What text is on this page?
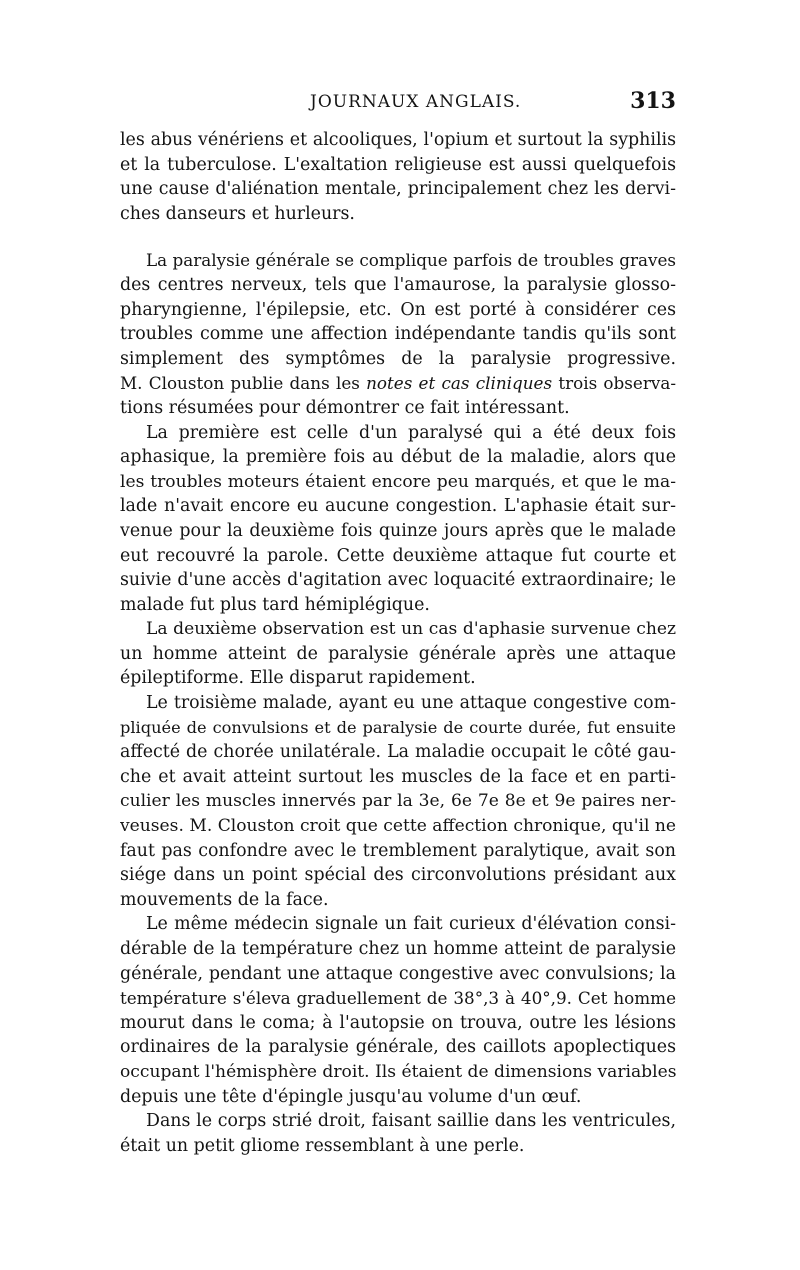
JOURNAUX ANGLAIS.	313
les abus vénériens et alcooliques, l'opium et surtout la syphilis
et la tuberculose. L'exaltation religieuse est aussi quelquefois
une cause d'aliénation mentale, principalement chez les dervi-
ches danseurs et hurleurs.
La paralysie générale se complique parfois de troubles graves
des centres nerveux, tels que l'amaurose, la paralysie glosso-
pharyngienne, l'épilepsie, etc. On est porté à considérer ces
troubles comme une affection indépendante tandis qu'ils sont
simplement des symptômes de la paralysie progressive.
M. Clouston publie dans les notes et cas cliniques trois observa-
tions résumées pour démontrer ce fait intéressant.
La première est celle d'un paralysé qui a été deux fois
aphasique, la première fois au début de la maladie, alors que
les troubles moteurs étaient encore peu marqués, et que le ma-
lade n'avait encore eu aucune congestion. L'aphasie était sur-
venue pour la deuxième fois quinze jours après que le malade
eut recouvré la parole. Cette deuxième attaque fut courte et
suivie d'une accès d'agitation avec loquacité extraordinaire; le
malade fut plus tard hémiplégique.
La deuxième observation est un cas d'aphasie survenue chez
un homme atteint de paralysie générale après une attaque
épileptiforme. Elle disparut rapidement.
Le troisième malade, ayant eu une attaque congestive com-
pliquée de convulsions et de paralysie de courte durée, fut ensuite
affecté de chorée unilatérale. La maladie occupait le côté gau-
che et avait atteint surtout les muscles de la face et en parti-
culier les muscles innervés par la 3e, 6e 7e 8e et 9e paires ner-
veuses. M. Clouston croit que cette affection chronique, qu'il ne
faut pas confondre avec le tremblement paralytique, avait son
siége dans un point spécial des circonvolutions présidant aux
mouvements de la face.
Le même médecin signale un fait curieux d'élévation consi-
dérable de la température chez un homme atteint de paralysie
générale, pendant une attaque congestive avec convulsions; la
température s'éleva graduellement de 38°,3 à 40°,9. Cet homme
mourut dans le coma; à l'autopsie on trouva, outre les lésions
ordinaires de la paralysie générale, des caillots apoplectiques
occupant l'hémisphère droit. Ils étaient de dimensions variables
depuis une tête d'épingle jusqu'au volume d'un œuf.
Dans le corps strié droit, faisant saillie dans les ventricules,
était un petit gliome ressemblant à une perle.
